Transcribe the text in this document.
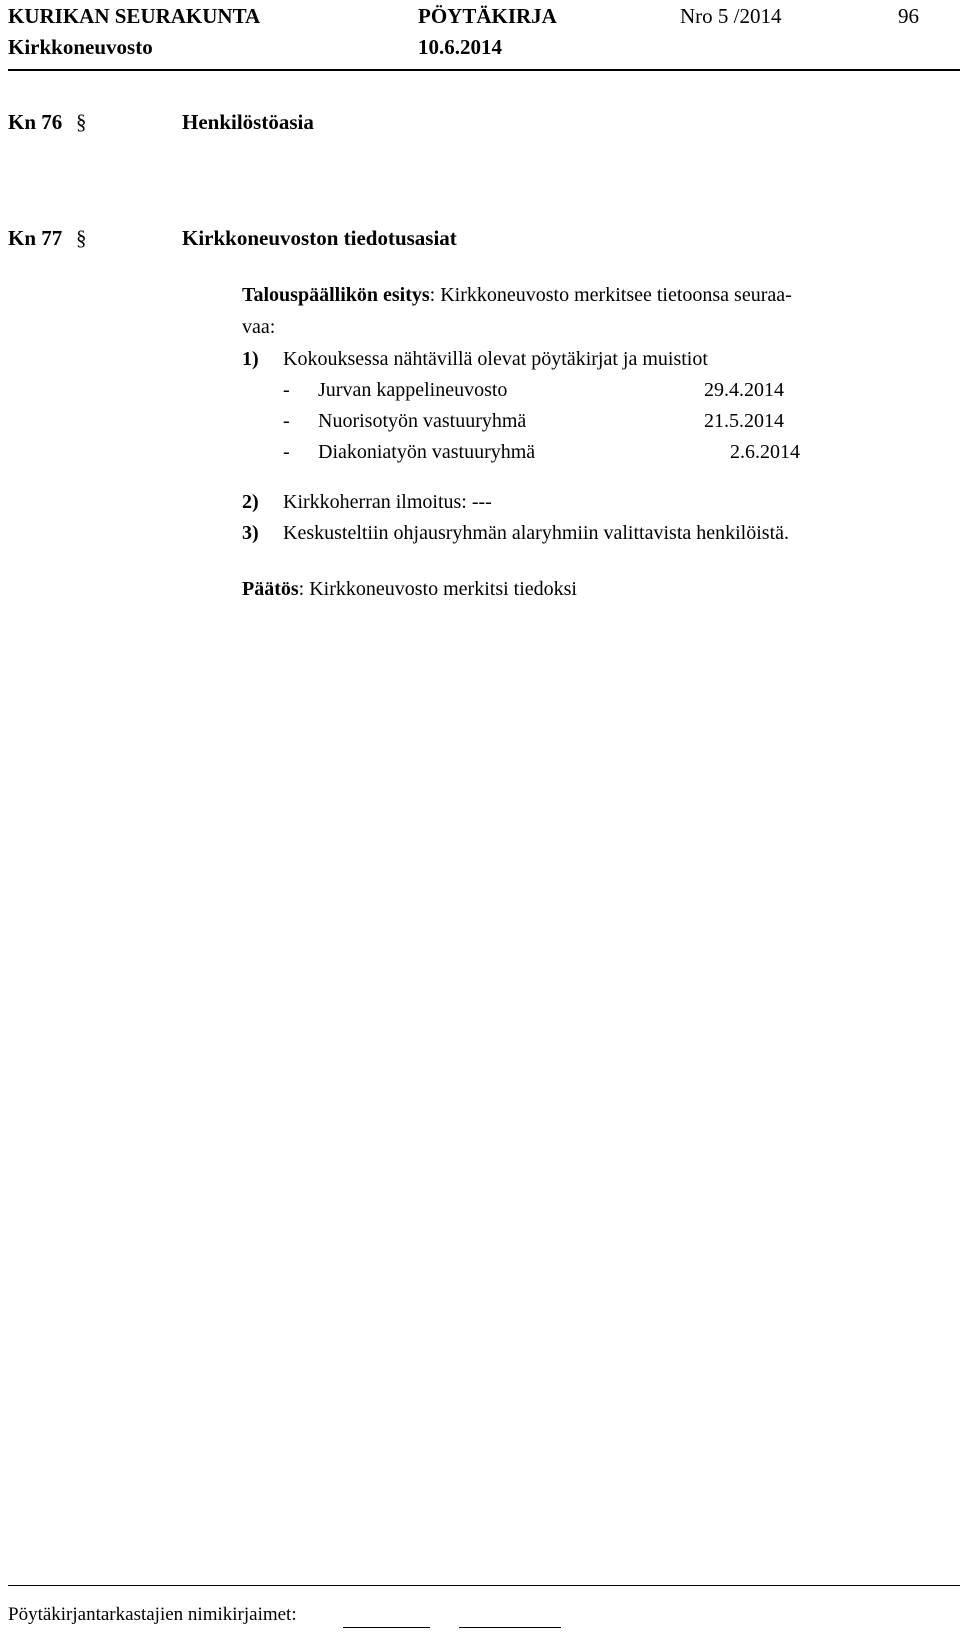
KURIKAN SEURAKUNTA	PÖYTÄKIRJA	Nro 5 /2014	96
Kirkkoneuvosto	10.6.2014
Kn 76 §	Henkilöstöasia
Kn 77 §	Kirkkoneuvoston tiedotusasiat
Talouspäällikön esitys: Kirkkoneuvosto merkitsee tietoonsa seuraa-
vaa:
1) Kokouksessa nähtävillä olevat pöytäkirjat ja muistiot
- Jurvan kappelineuvosto	29.4.2014
- Nuorisotyön vastuuryhmä	21.5.2014
- Diakoniatyön vastuuryhmä	2.6.2014
2) Kirkkoherran ilmoitus: ---
3) Keskusteltiin ohjausryhmän alaryhmiin valittavista henkilöistä.
Päätös: Kirkkoneuvosto merkitsi tiedoksi
Pöytäkirjantarkastajien nimikirjaimet:
